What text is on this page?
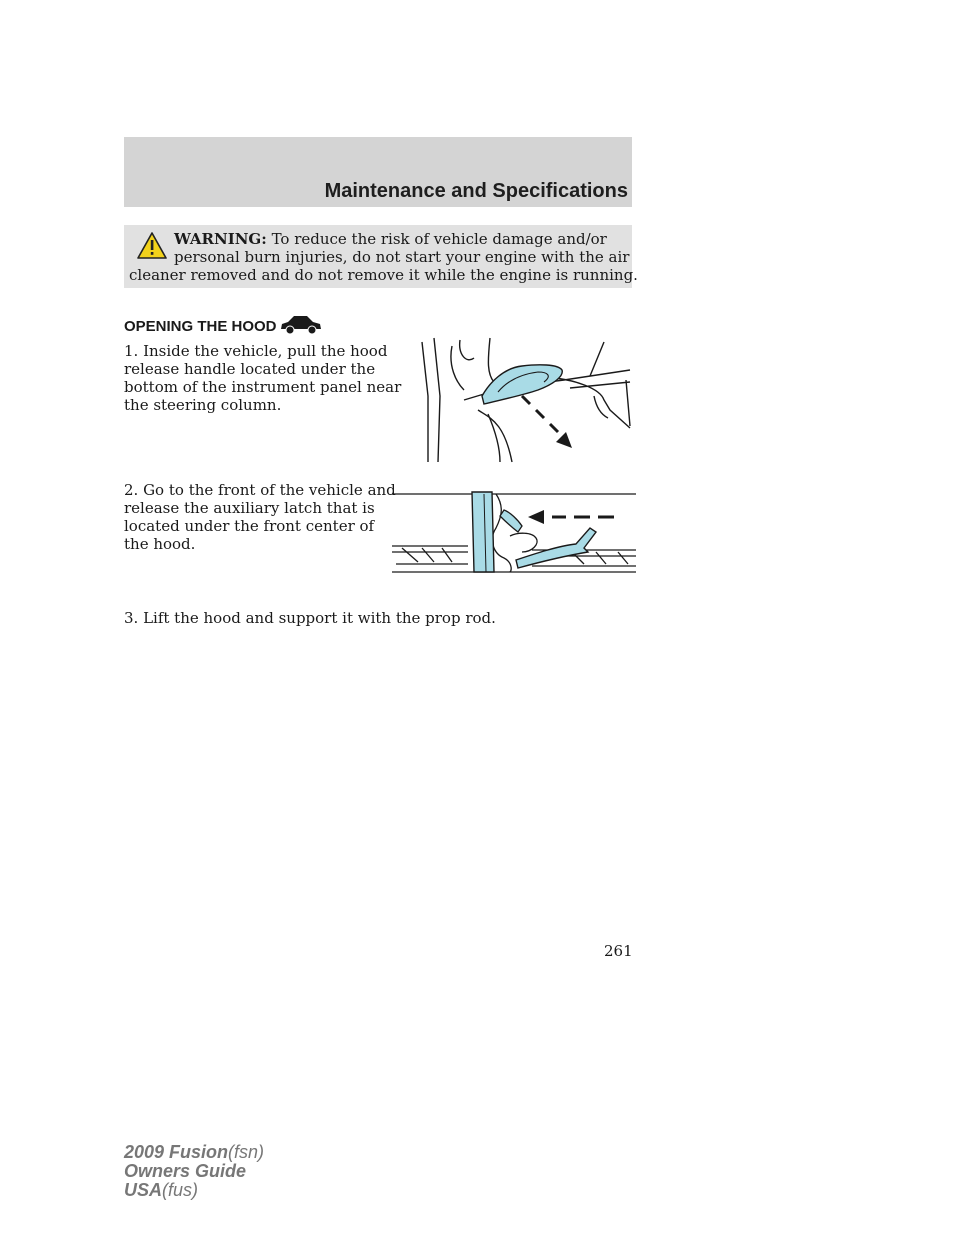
Maintenance and Specifications
WARNING: To reduce the risk of vehicle damage and/or
personal burn injuries, do not start your engine with the air
cleaner removed and do not remove it while the engine is running.
OPENING THE HOOD
1. Inside the vehicle, pull the hood
release handle located under the
bottom of the instrument panel near
the steering column.
2. Go to the front of the vehicle and
release the auxiliary latch that is
located under the front center of
the hood.
3. Lift the hood and support it with the prop rod.
261
2009 Fusion(fsn)
Owners Guide
USA(fus)
